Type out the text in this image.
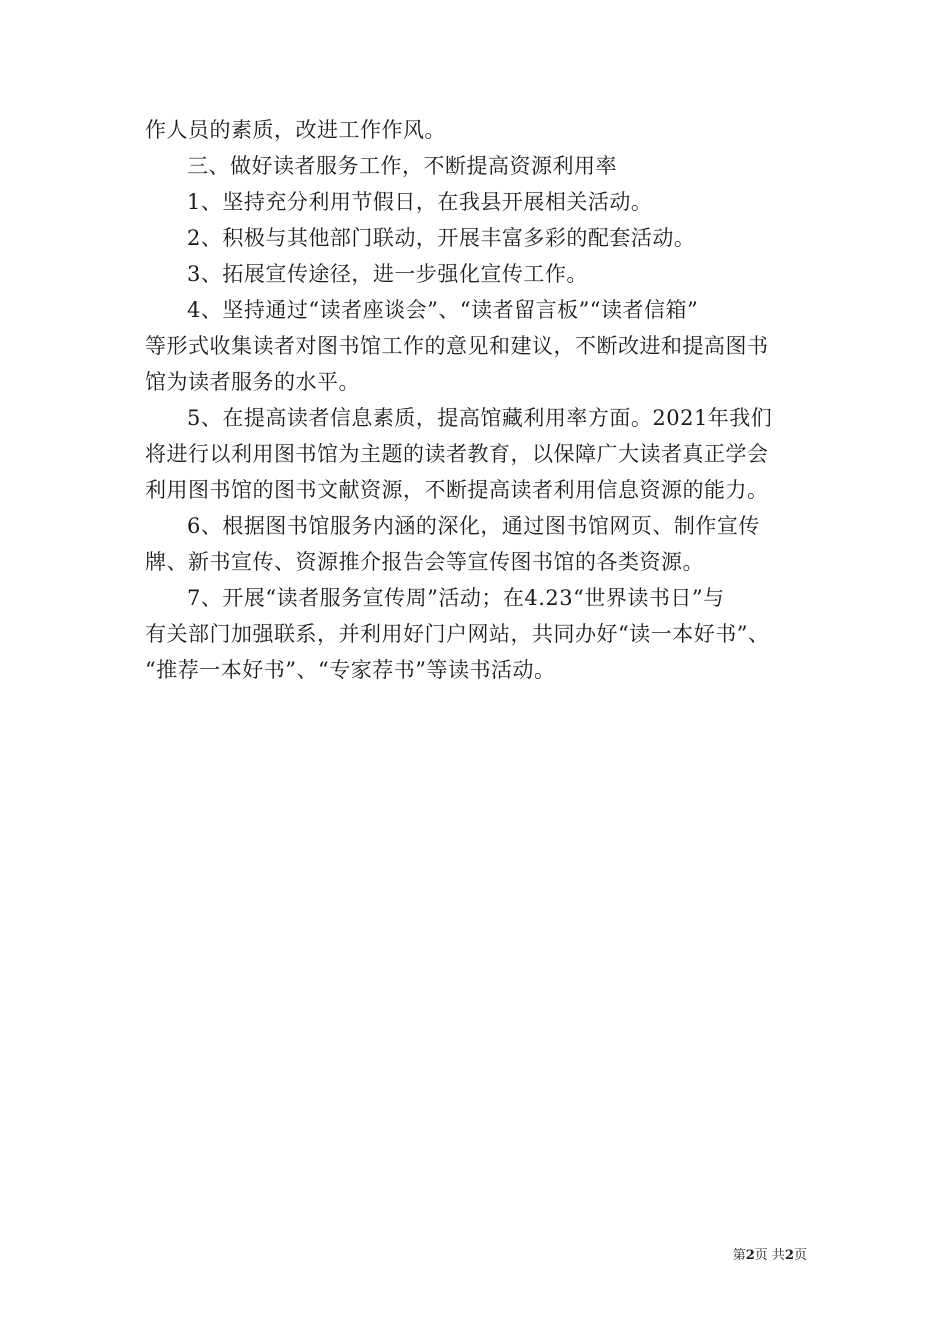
作人员的素质，改进工作作风。

三、做好读者服务工作，不断提高资源利用率

1、坚持充分利用节假日，在我县开展相关活动。

2、积极与其他部门联动，开展丰富多彩的配套活动。

3、拓展宣传途径，进一步强化宣传工作。

4、坚持通过“读者座谈会”、“读者留言板”“读者信箱”
等形式收集读者对图书馆工作的意见和建议，不断改进和提高图书
馆为读者服务的水平。

5、在提高读者信息素质，提高馆藏利用率方面。2021年我们
将进行以利用图书馆为主题的读者教育，以保障广大读者真正学会
利用图书馆的图书文献资源，不断提高读者利用信息资源的能力。

6、根据图书馆服务内涵的深化，通过图书馆网页、制作宣传
牌、新书宣传、资源推介报告会等宣传图书馆的各类资源。

7、开展“读者服务宣传周”活动；在4.23“世界读书日”与
有关部门加强联系，并利用好门户网站，共同办好“读一本好书”、
“推荐一本好书”、“专家荐书”等读书活动。

第2页 共2页
